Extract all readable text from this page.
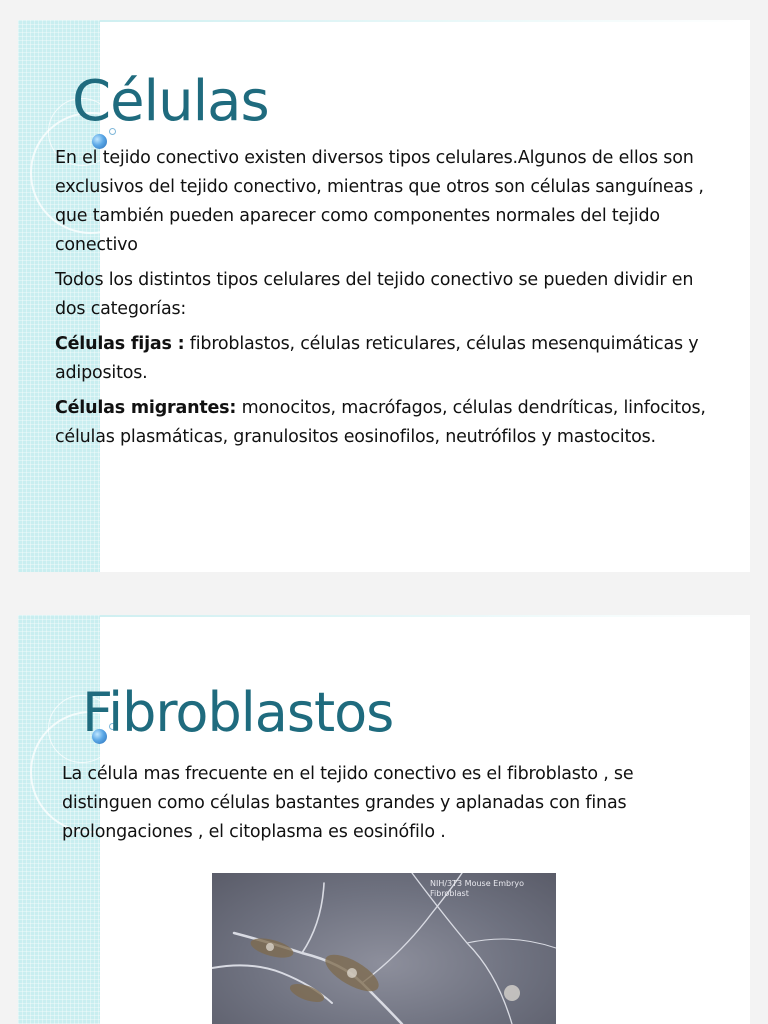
Células

En el tejido conectivo existen diversos tipos celulares.Algunos de ellos son exclusivos del tejido conectivo, mientras que otros son células sanguíneas , que también pueden aparecer como componentes normales del tejido conectivo

Todos los distintos tipos celulares del tejido conectivo se pueden dividir en dos categorías:

Células fijas : fibroblastos, células reticulares, células mesenquimáticas y adipositos.

Células migrantes: monocitos, macrófagos, células dendríticas, linfocitos, células plasmáticas, granulositos eosinofilos, neutrófilos y mastocitos.

Fibroblastos

La célula mas frecuente en el tejido conectivo es el fibroblasto , se distinguen como células bastantes grandes y aplanadas con finas prolongaciones , el citoplasma es eosinófilo .

NIH/3T3 Mouse Embryo Fibroblast
